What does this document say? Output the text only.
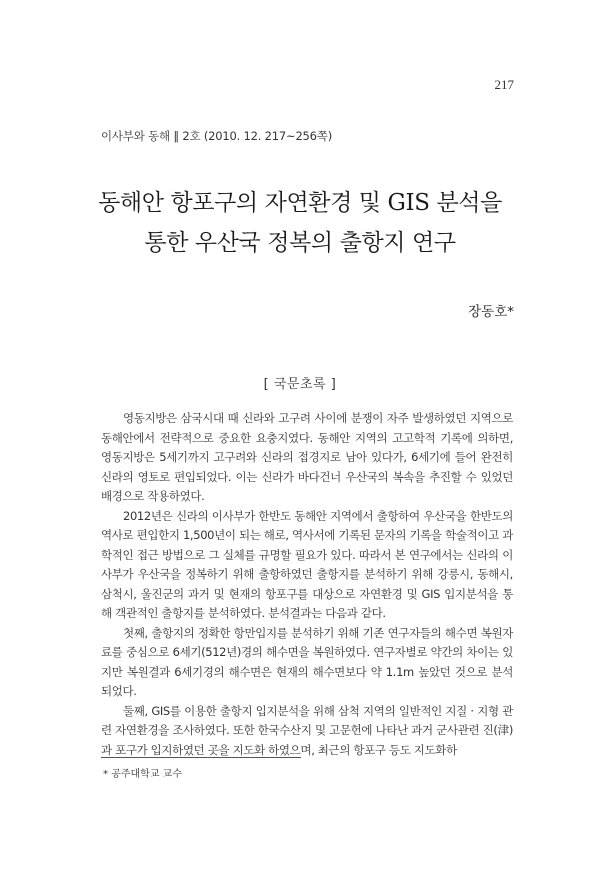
217
이사부와 동해 ‖ 2호 (2010. 12. 217~256쪽)
동해안 항포구의 자연환경 및 GIS 분석을
통한 우산국 정복의 출항지 연구
장동호*
[ 국문초록 ]

영동지방은 삼국시대 때 신라와 고구려 사이에 분쟁이 자주 발생하였던 지역으로 동해안에서 전략적으로 중요한 요충지였다. 동해안 지역의 고고학적 기록에 의하면, 영동지방은 5세기까지 고구려와 신라의 접경지로 남아 있다가, 6세기에 들어 완전히 신라의 영토로 편입되었다. 이는 신라가 바다건너 우산국의 복속을 추진할 수 있었던 배경으로 작용하였다.

2012년은 신라의 이사부가 한반도 동해안 지역에서 출항하여 우산국을 한반도의 역사로 편입한지 1,500년이 되는 해로, 역사서에 기록된 문자의 기록을 학술적이고 과학적인 접근 방법으로 그 실체를 규명할 필요가 있다. 따라서 본 연구에서는 신라의 이사부가 우산국을 정복하기 위해 출항하였던 출항지를 분석하기 위해 강릉시, 동해시, 삼척시, 울진군의 과거 및 현재의 항포구를 대상으로 자연환경 및 GIS 입지분석을 통해 객관적인 출항지를 분석하였다. 분석결과는 다음과 같다.

첫째, 출항지의 정확한 항만입지를 분석하기 위해 기존 연구자들의 해수면 복원자료를 중심으로 6세기(512년)경의 해수면을 복원하였다. 연구자별로 약간의 차이는 있지만 복원결과 6세기경의 해수면은 현재의 해수면보다 약 1.1m 높았던 것으로 분석되었다.

둘째, GIS를 이용한 출항지 입지분석을 위해 삼척 지역의 일반적인 지질 · 지형 관련 자연환경을 조사하였다. 또한 한국수산지 및 고문헌에 나타난 과거 군사관련 진(津)과 포구가 입지하였던 곳을 지도화 하였으며, 최근의 항포구 등도 지도화하

* 공주대학교 교수
